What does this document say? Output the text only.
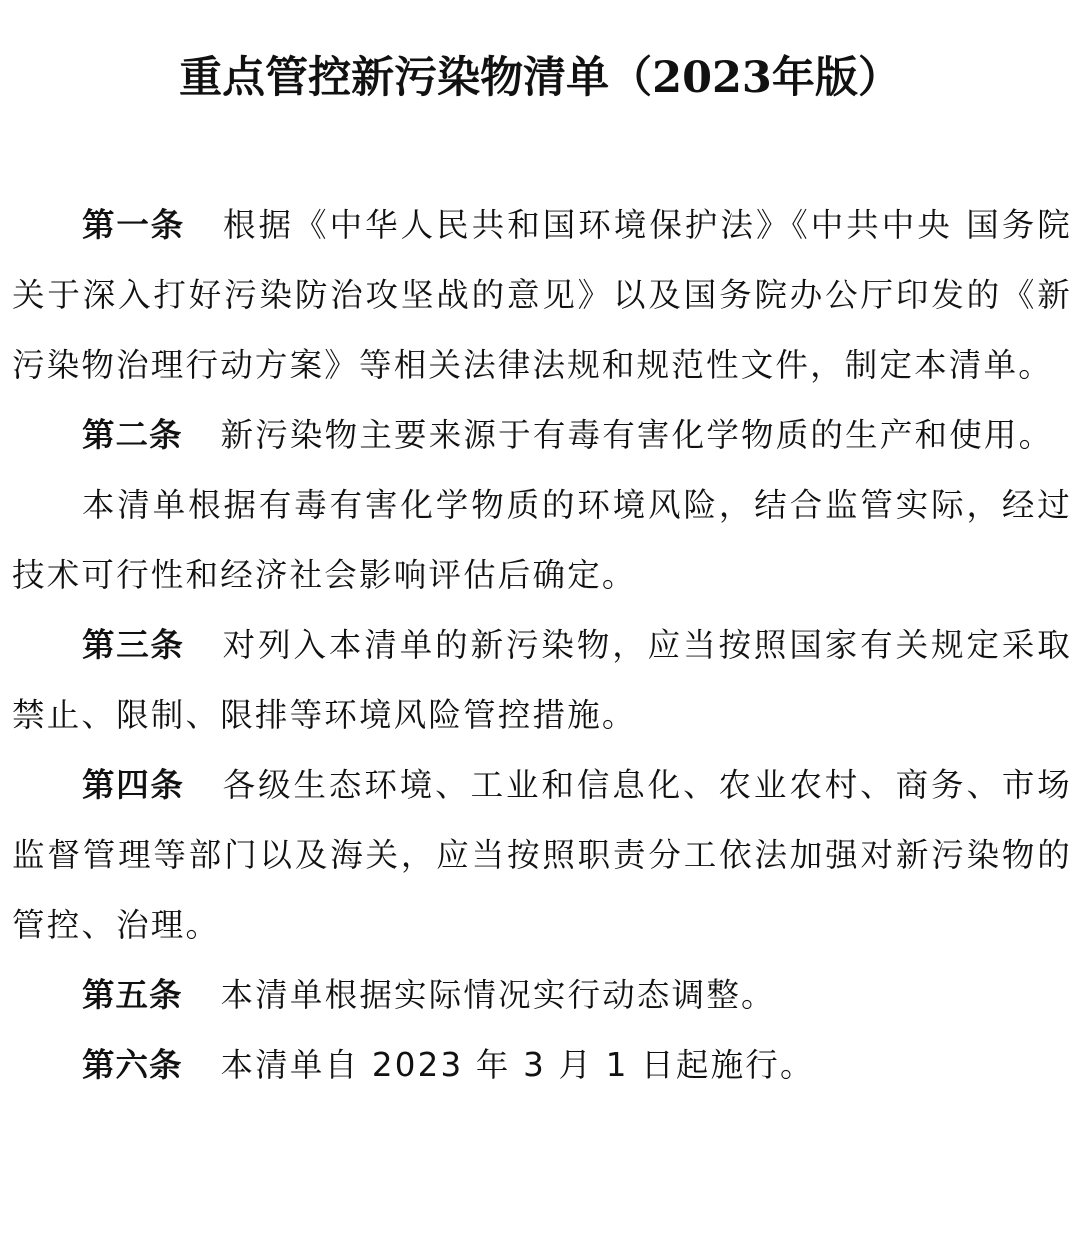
重点管控新污染物清单（2023年版）

第一条 根据《中华人民共和国环境保护法》《中共中央 国务院关于深入打好污染防治攻坚战的意见》以及国务院办公厅印发的《新污染物治理行动方案》等相关法律法规和规范性文件，制定本清单。

第二条 新污染物主要来源于有毒有害化学物质的生产和使用。

本清单根据有毒有害化学物质的环境风险，结合监管实际，经过技术可行性和经济社会影响评估后确定。

第三条 对列入本清单的新污染物，应当按照国家有关规定采取禁止、限制、限排等环境风险管控措施。

第四条 各级生态环境、工业和信息化、农业农村、商务、市场监督管理等部门以及海关，应当按照职责分工依法加强对新污染物的管控、治理。

第五条 本清单根据实际情况实行动态调整。

第六条 本清单自 2023 年 3 月 1 日起施行。
